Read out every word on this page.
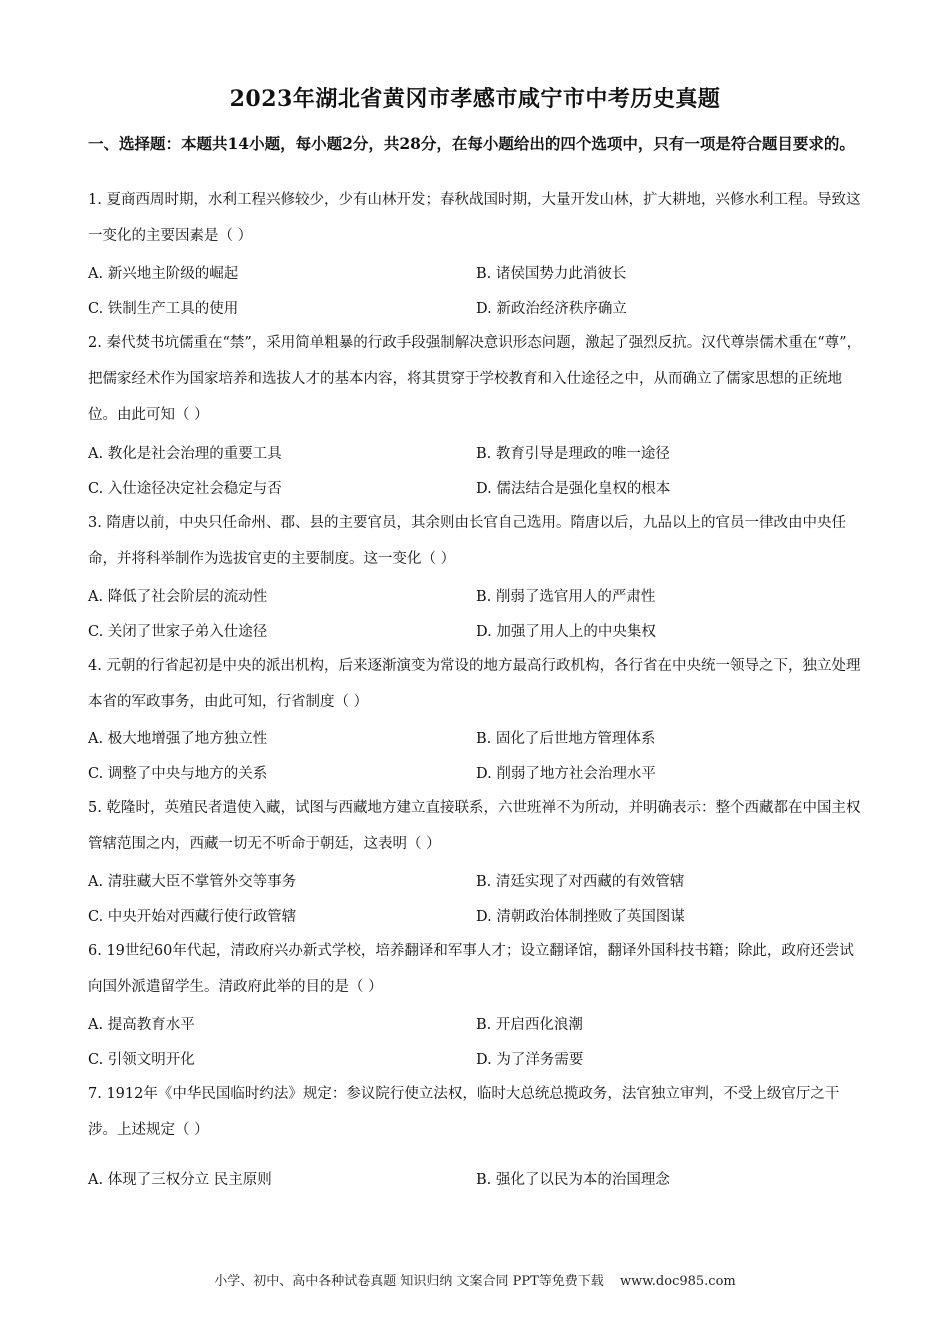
2023年湖北省黄冈市孝感市咸宁市中考历史真题
一、选择题：本题共14小题，每小题2分，共28分，在每小题给出的四个选项中，只有一项是符合题目要求的。
1. 夏商西周时期，水利工程兴修较少，少有山林开发；春秋战国时期，大量开发山林，扩大耕地，兴修水利工程。导致这一变化的主要因素是（ ）
A. 新兴地主阶级的崛起	B. 诸侯国势力此消彼长
C. 铁制生产工具的使用	D. 新政治经济秩序确立
2. 秦代焚书坑儒重在“禁”，采用简单粗暴的行政手段强制解决意识形态问题，激起了强烈反抗。汉代尊崇儒术重在“尊”，把儒家经术作为国家培养和选拔人才的基本内容，将其贯穿于学校教育和入仕途径之中，从而确立了儒家思想的正统地位。由此可知（ ）
A. 教化是社会治理的重要工具	B. 教育引导是理政的唯一途径
C. 入仕途径决定社会稳定与否	D. 儒法结合是强化皇权的根本
3. 隋唐以前，中央只任命州、郡、县的主要官员，其余则由长官自己选用。隋唐以后，九品以上的官员一律改由中央任命，并将科举制作为选拔官吏的主要制度。这一变化（ ）
A. 降低了社会阶层的流动性	B. 削弱了选官用人的严肃性
C. 关闭了世家子弟入仕途径	D. 加强了用人上的中央集权
4. 元朝的行省起初是中央的派出机构，后来逐渐演变为常设的地方最高行政机构，各行省在中央统一领导之下，独立处理本省的军政事务，由此可知，行省制度（ ）
A. 极大地增强了地方独立性	B. 固化了后世地方管理体系
C. 调整了中央与地方的关系	D. 削弱了地方社会治理水平
5. 乾隆时，英殖民者遣使入藏，试图与西藏地方建立直接联系，六世班禅不为所动，并明确表示：整个西藏都在中国主权管辖范围之内，西藏一切无不听命于朝廷，这表明（ ）
A. 清驻藏大臣不掌管外交等事务	B. 清廷实现了对西藏的有效管辖
C. 中央开始对西藏行使行政管辖	D. 清朝政治体制挫败了英国图谋
6. 19世纪60年代起，清政府兴办新式学校，培养翻译和军事人才；设立翻译馆，翻译外国科技书籍；除此，政府还尝试向国外派遣留学生。清政府此举的目的是（ ）
A. 提高教育水平	B. 开启西化浪潮
C. 引领文明开化	D. 为了洋务需要
7. 1912年《中华民国临时约法》规定：参议院行使立法权，临时大总统总揽政务，法官独立审判，不受上级官厅之干涉。上述规定（ ）
A. 体现了三权分立 民主原则	B. 强化了以民为本的治国理念
小学、初中、高中各种试卷真题 知识归纳 文案合同 PPT等免费下载 www.doc985.com
